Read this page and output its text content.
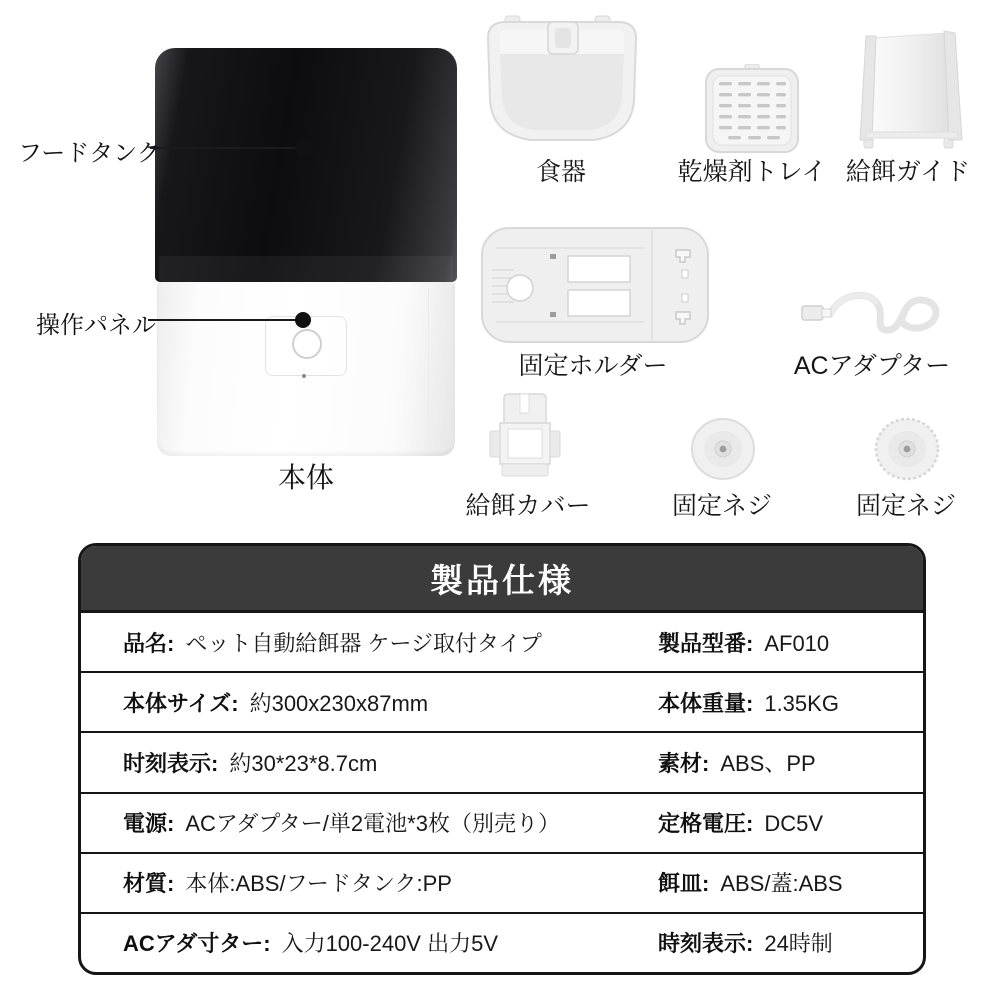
フードタンク
操作パネル
本体
食器	乾燥剤トレイ 給餌ガイド
固定ホルダー	ACアダプター
給餌カバー	固定ネジ	固定ネジ
製品仕様
品名: ペット自動給餌器 ケージ取付タイプ	製品型番: AF010
本体サイズ: 約300x230x87mm	本体重量: 1.35KG
时刻表示: 約30*23*8.7cm	素材: ABS、PP
電源: ACアダプター/単2電池*3枚（別売り）	定格電圧: DC5V
材質: 本体:ABS/フードタンク:PP	餌皿: ABS/蓋:ABS
ACアダ寸ター: 入力100-240V 出力5V	時刻表示: 24時制
